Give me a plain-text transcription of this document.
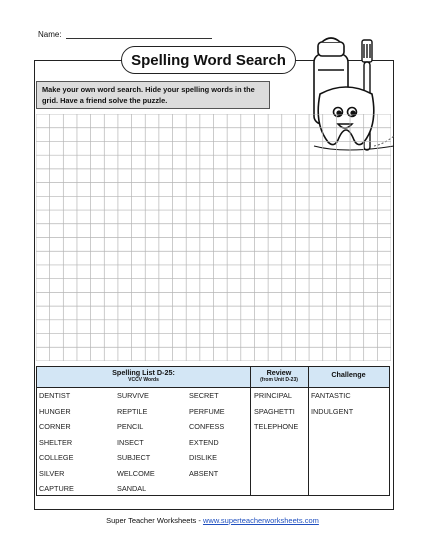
Name:
Spelling Word Search
Make your own word search. Hide your spelling words in the grid. Have a friend solve the puzzle.
Spelling List D-25:
VCCV Words
Review
(from Unit D-23)
Challenge
DENTIST
HUNGER
CORNER
SHELTER
COLLEGE
SILVER
CAPTURE
SURVIVE
REPTILE
PENCIL
INSECT
SUBJECT
WELCOME
SANDAL
SECRET
PERFUME
CONFESS
EXTEND
DISLIKE
ABSENT
PRINCIPAL
SPAGHETTI
TELEPHONE
FANTASTIC
INDULGENT
Super Teacher Worksheets - www.superteacherworksheets.com
